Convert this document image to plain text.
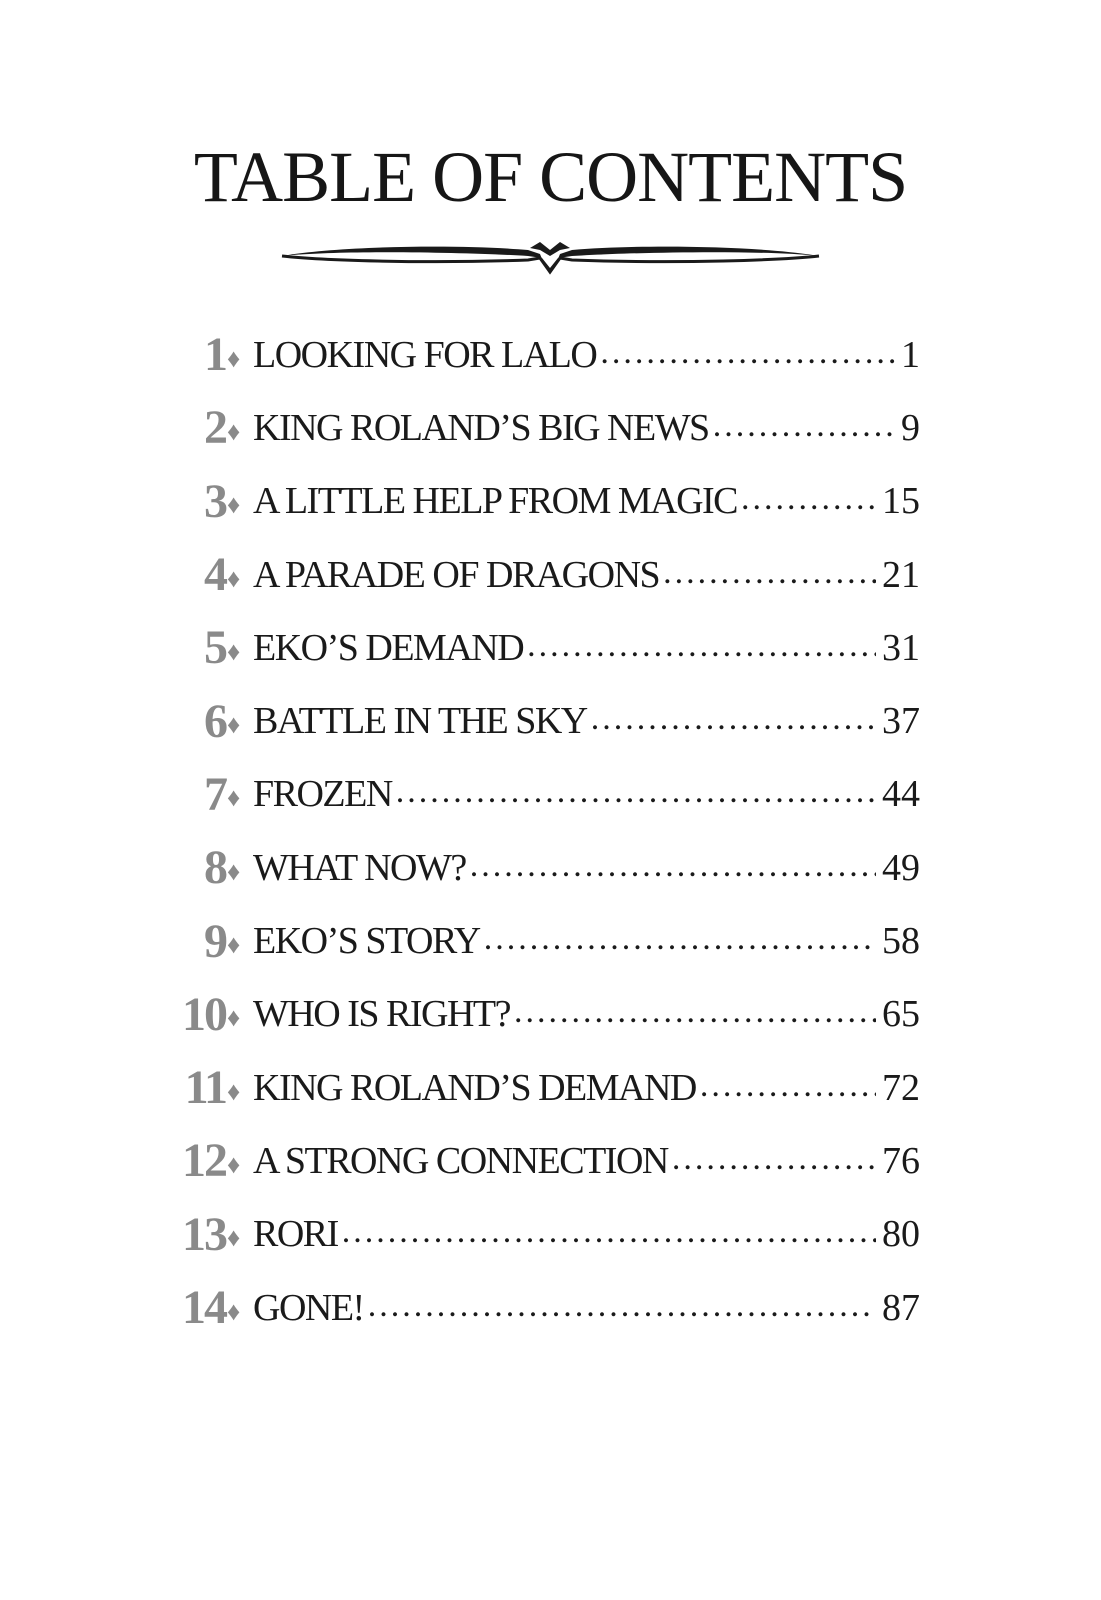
TABLE OF CONTENTS
1 ♦ LOOKING FOR LALO .....	1
2 ♦ KING ROLAND’S BIG NEWS .....	9
3 ♦ A LITTLE HELP FROM MAGIC .....	15
4 ♦ A PARADE OF DRAGONS .....	21
5 ♦ EKO’S DEMAND .....	31
6 ♦ BATTLE IN THE SKY .....	37
7 ♦ FROZEN .....	44
8 ♦ WHAT NOW? .....	49
9 ♦ EKO’S STORY .....	58
10 ♦ WHO IS RIGHT? .....	65
11 ♦ KING ROLAND’S DEMAND .....	72
12 ♦ A STRONG CONNECTION .....	76
13 ♦ RORI .....	80
14 ♦ GONE! .....	87
